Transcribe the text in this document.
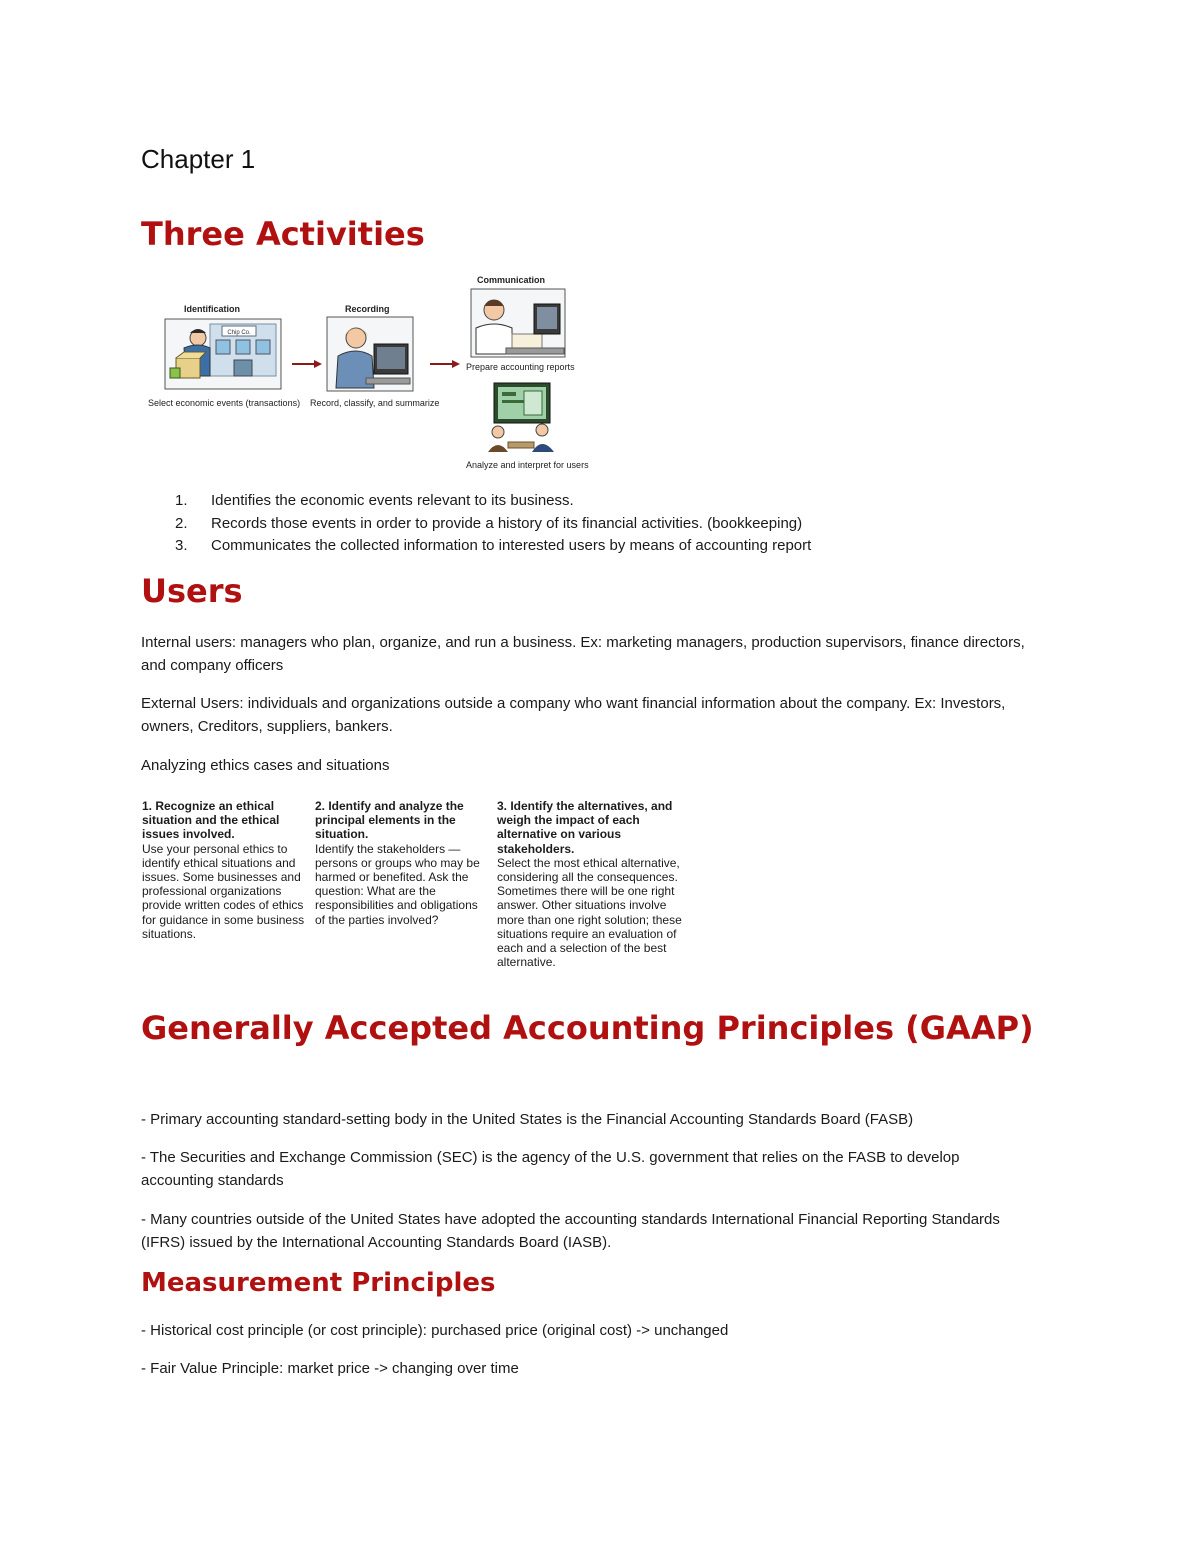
Chapter 1
Three Activities
Identification	Recording
Communication
Chip Co.
Prepare accounting reports
Analyze and interpret for users
Select economic events (transactions) Record, classify, and summarize
1.	Identifies the economic events relevant to its business.
2.	Records those events in order to provide a history of its financial activities. (bookkeeping)
3.	Communicates the collected information to interested users by means of accounting report
Users
Internal users: managers who plan, organize, and run a business. Ex: marketing managers, production supervisors, finance directors, and company officers
External Users: individuals and organizations outside a company who want financial information about the company. Ex: Investors, owners, Creditors, suppliers, bankers.
Analyzing ethics cases and situations
1. Recognize an ethical situation and the ethical issues involved.
Use your personal ethics to identify ethical situations and issues. Some businesses and professional organizations provide written codes of ethics for guidance in some business situations.
2. Identify and analyze the principal elements in the situation.
Identify the stakeholders — persons or groups who may be harmed or benefited. Ask the question: What are the responsibilities and obligations of the parties involved?
3. Identify the alternatives, and weigh the impact of each alternative on various stakeholders.
Select the most ethical alternative, considering all the consequences. Sometimes there will be one right answer. Other situations involve more than one right solution; these situations require an evaluation of each and a selection of the best alternative.
Generally Accepted Accounting Principles (GAAP)
- Primary accounting standard-setting body in the United States is the Financial Accounting Standards Board (FASB)
- The Securities and Exchange Commission (SEC) is the agency of the U.S. government that relies on the FASB to develop accounting standards
- Many countries outside of the United States have adopted the accounting standards International Financial Reporting Standards (IFRS) issued by the International Accounting Standards Board (IASB).
Measurement Principles
- Historical cost principle (or cost principle): purchased price (original cost) -> unchanged
- Fair Value Principle: market price -> changing over time
